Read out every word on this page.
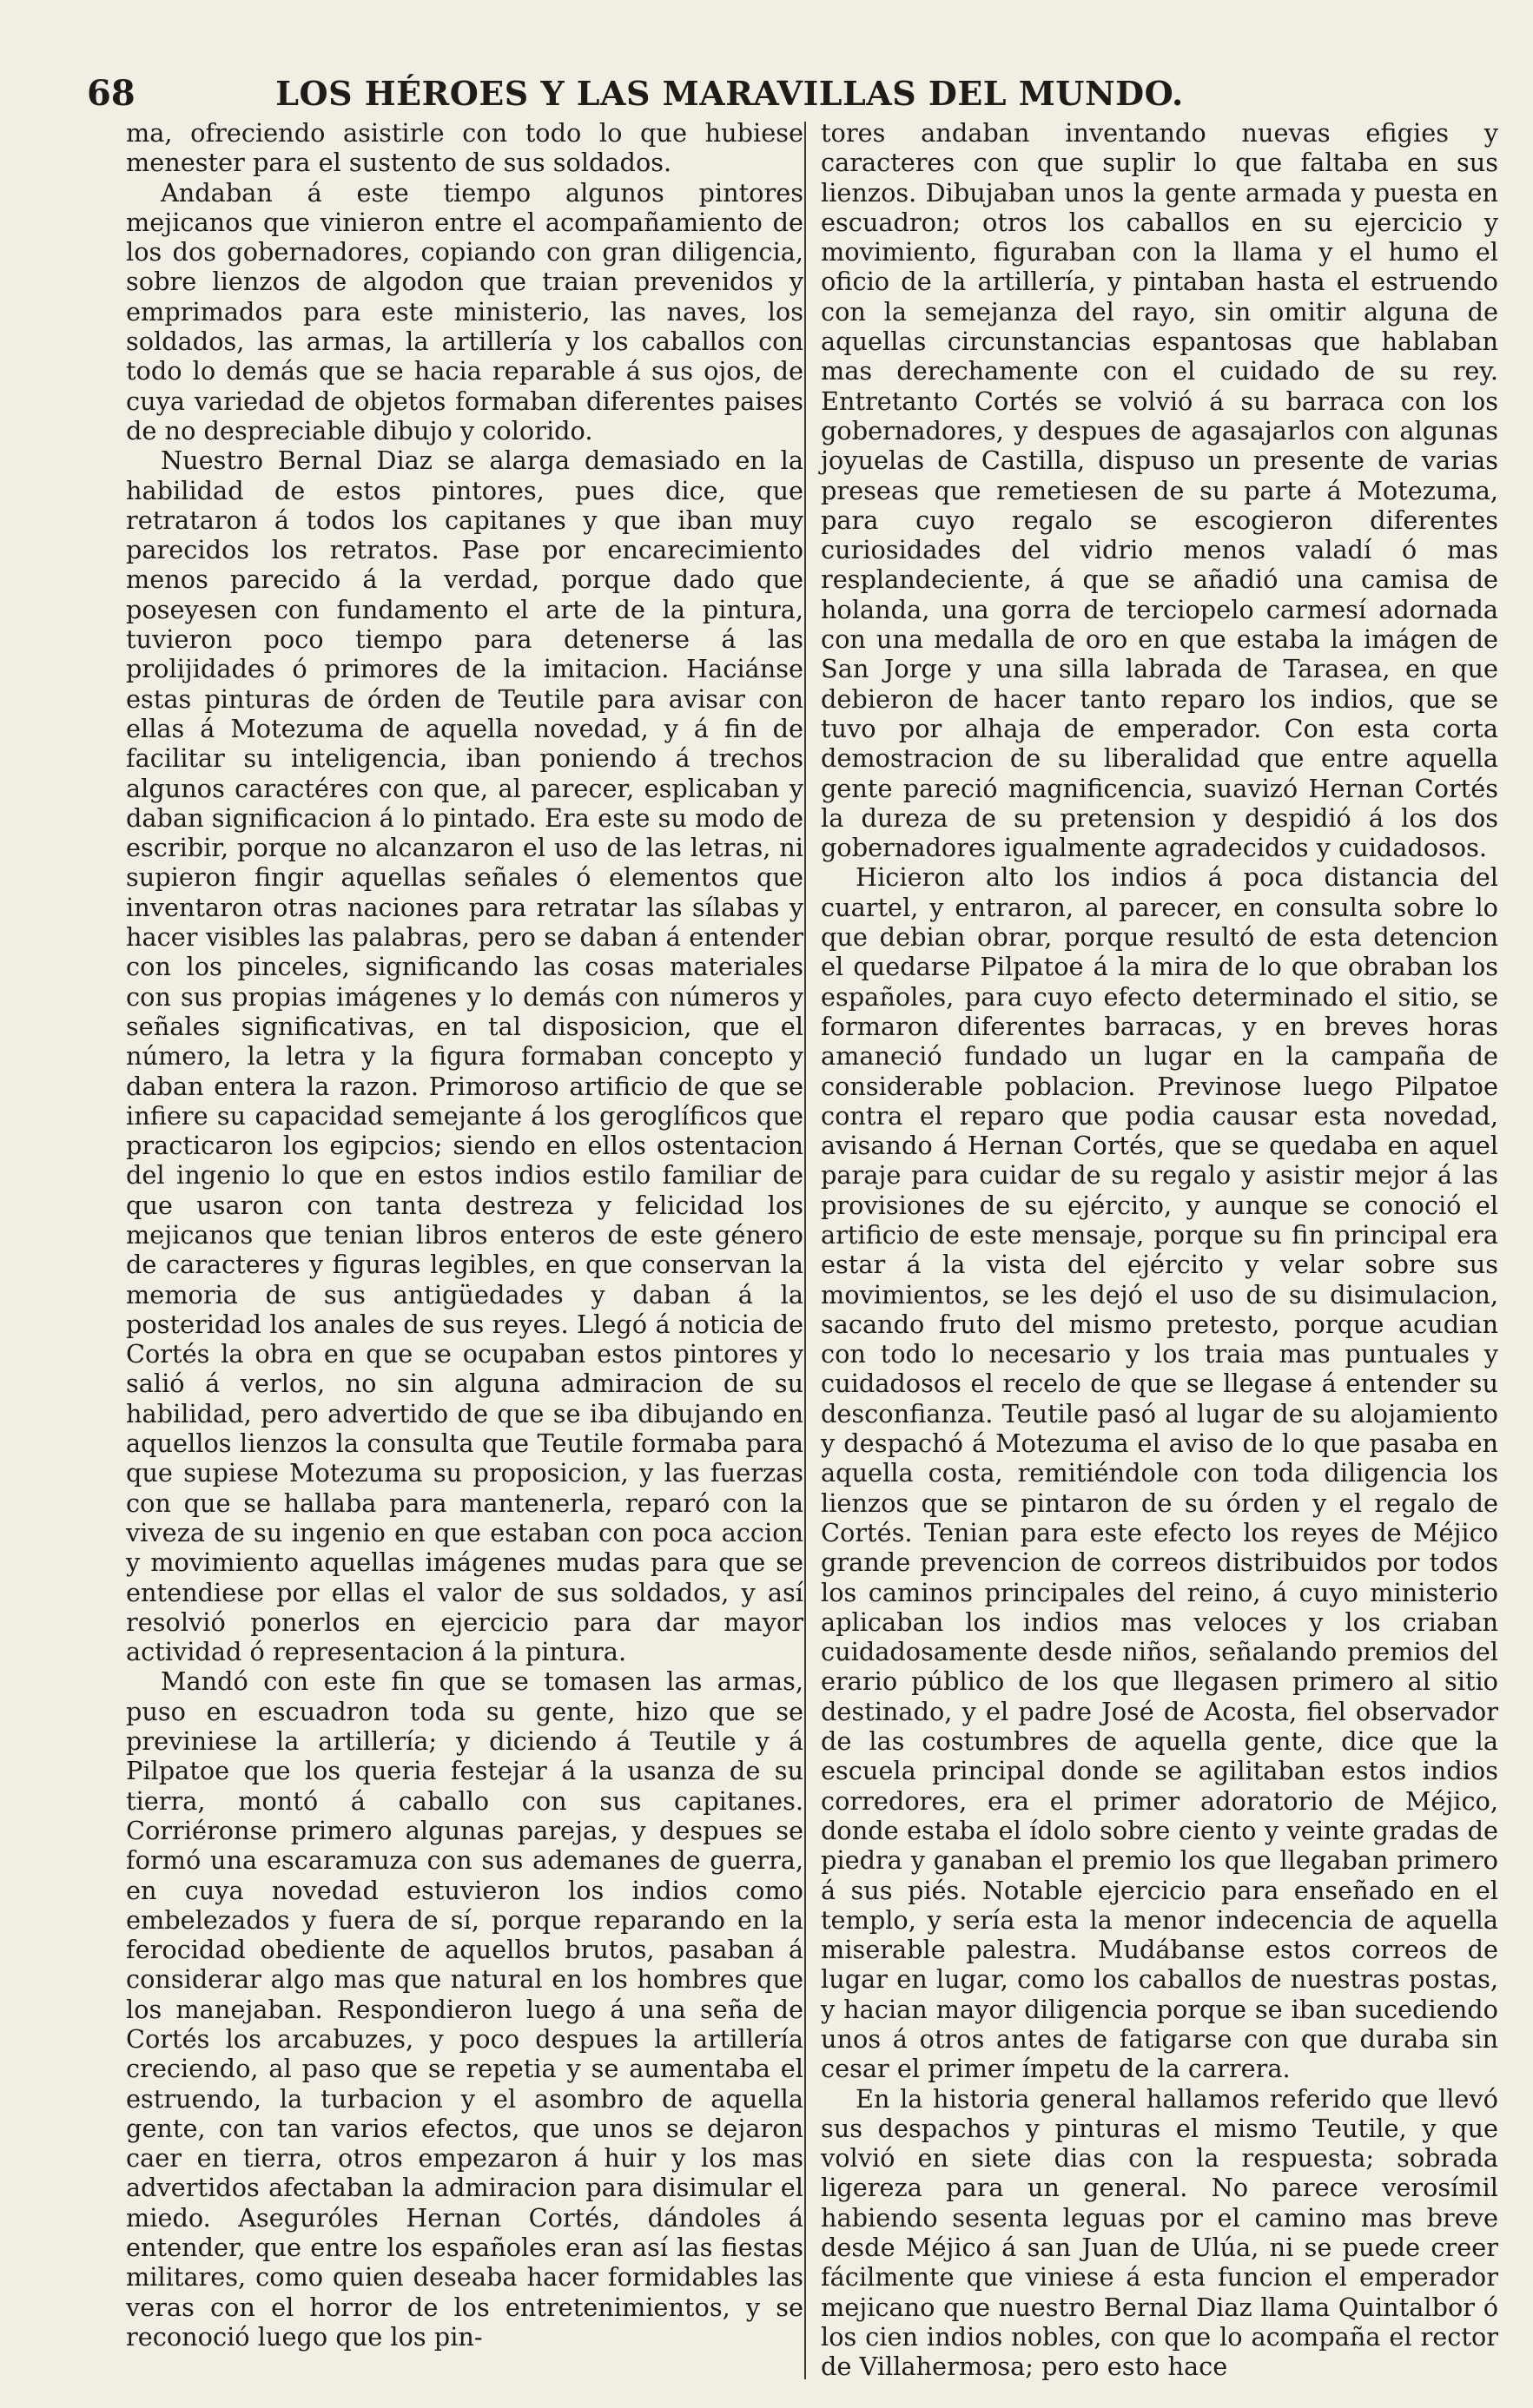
68	LOS HÉROES Y LAS MARAVILLAS DEL MUNDO.

ma, ofreciendo asistirle con todo lo que hubiese menester para el sustento de sus soldados.

Andaban á este tiempo algunos pintores mejicanos que vinieron entre el acompañamiento de los dos gobernadores, copiando con gran diligencia, sobre lienzos de algodon que traian prevenidos y emprimados para este ministerio, las naves, los soldados, las armas, la artillería y los caballos con todo lo demás que se hacia reparable á sus ojos, de cuya variedad de objetos formaban diferentes paises de no despreciable dibujo y colorido.

Nuestro Bernal Diaz se alarga demasiado en la habilidad de estos pintores, pues dice, que retrataron á todos los capitanes y que iban muy parecidos los retratos. Pase por encarecimiento menos parecido á la verdad, porque dado que poseyesen con fundamento el arte de la pintura, tuvieron poco tiempo para detenerse á las prolijidades ó primores de la imitacion. Haciánse estas pinturas de órden de Teutile para avisar con ellas á Motezuma de aquella novedad, y á fin de facilitar su inteligencia, iban poniendo á trechos algunos caractéres con que, al parecer, esplicaban y daban significacion á lo pintado. Era este su modo de escribir, porque no alcanzaron el uso de las letras, ni supieron fingir aquellas señales ó elementos que inventaron otras naciones para retratar las sílabas y hacer visibles las palabras, pero se daban á entender con los pinceles, significando las cosas materiales con sus propias imágenes y lo demás con números y señales significativas, en tal disposicion, que el número, la letra y la figura formaban concepto y daban entera la razon. Primoroso artificio de que se infiere su capacidad semejante á los geroglíficos que practicaron los egipcios; siendo en ellos ostentacion del ingenio lo que en estos indios estilo familiar de que usaron con tanta destreza y felicidad los mejicanos que tenian libros enteros de este género de caracteres y figuras legibles, en que conservan la memoria de sus antigüedades y daban á la posteridad los anales de sus reyes. Llegó á noticia de Cortés la obra en que se ocupaban estos pintores y salió á verlos, no sin alguna admiracion de su habilidad, pero advertido de que se iba dibujando en aquellos lienzos la consulta que Teutile formaba para que supiese Motezuma su proposicion, y las fuerzas con que se hallaba para mantenerla, reparó con la viveza de su ingenio en que estaban con poca accion y movimiento aquellas imágenes mudas para que se entendiese por ellas el valor de sus soldados, y así resolvió ponerlos en ejercicio para dar mayor actividad ó representacion á la pintura.

Mandó con este fin que se tomasen las armas, puso en escuadron toda su gente, hizo que se previniese la artillería; y diciendo á Teutile y á Pilpatoe que los queria festejar á la usanza de su tierra, montó á caballo con sus capitanes. Corriéronse primero algunas parejas, y despues se formó una escaramuza con sus ademanes de guerra, en cuya novedad estuvieron los indios como embelezados y fuera de sí, porque reparando en la ferocidad obediente de aquellos brutos, pasaban á considerar algo mas que natural en los hombres que los manejaban. Respondieron luego á una seña de Cortés los arcabuzes, y poco despues la artillería creciendo, al paso que se repetia y se aumentaba el estruendo, la turbacion y el asombro de aquella gente, con tan varios efectos, que unos se dejaron caer en tierra, otros empezaron á huir y los mas advertidos afectaban la admiracion para disimular el miedo. Aseguróles Hernan Cortés, dándoles á entender, que entre los españoles eran así las fiestas militares, como quien deseaba hacer formidables las veras con el horror de los entretenimientos, y se reconoció luego que los pin-

tores andaban inventando nuevas efigies y caracteres con que suplir lo que faltaba en sus lienzos. Dibujaban unos la gente armada y puesta en escuadron; otros los caballos en su ejercicio y movimiento, figuraban con la llama y el humo el oficio de la artillería, y pintaban hasta el estruendo con la semejanza del rayo, sin omitir alguna de aquellas circunstancias espantosas que hablaban mas derechamente con el cuidado de su rey. Entretanto Cortés se volvió á su barraca con los gobernadores, y despues de agasajarlos con algunas joyuelas de Castilla, dispuso un presente de varias preseas que remetiesen de su parte á Motezuma, para cuyo regalo se escogieron diferentes curiosidades del vidrio menos valadí ó mas resplandeciente, á que se añadió una camisa de holanda, una gorra de terciopelo carmesí adornada con una medalla de oro en que estaba la imágen de San Jorge y una silla labrada de Tarasea, en que debieron de hacer tanto reparo los indios, que se tuvo por alhaja de emperador. Con esta corta demostracion de su liberalidad que entre aquella gente pareció magnificencia, suavizó Hernan Cortés la dureza de su pretension y despidió á los dos gobernadores igualmente agradecidos y cuidadosos.

Hicieron alto los indios á poca distancia del cuartel, y entraron, al parecer, en consulta sobre lo que debian obrar, porque resultó de esta detencion el quedarse Pilpatoe á la mira de lo que obraban los españoles, para cuyo efecto determinado el sitio, se formaron diferentes barracas, y en breves horas amaneció fundado un lugar en la campaña de considerable poblacion. Previnose luego Pilpatoe contra el reparo que podia causar esta novedad, avisando á Hernan Cortés, que se quedaba en aquel paraje para cuidar de su regalo y asistir mejor á las provisiones de su ejército, y aunque se conoció el artificio de este mensaje, porque su fin principal era estar á la vista del ejército y velar sobre sus movimientos, se les dejó el uso de su disimulacion, sacando fruto del mismo pretesto, porque acudian con todo lo necesario y los traia mas puntuales y cuidadosos el recelo de que se llegase á entender su desconfianza. Teutile pasó al lugar de su alojamiento y despachó á Motezuma el aviso de lo que pasaba en aquella costa, remitiéndole con toda diligencia los lienzos que se pintaron de su órden y el regalo de Cortés. Tenian para este efecto los reyes de Méjico grande prevencion de correos distribuidos por todos los caminos principales del reino, á cuyo ministerio aplicaban los indios mas veloces y los criaban cuidadosamente desde niños, señalando premios del erario público de los que llegasen primero al sitio destinado, y el padre José de Acosta, fiel observador de las costumbres de aquella gente, dice que la escuela principal donde se agilitaban estos indios corredores, era el primer adoratorio de Méjico, donde estaba el ídolo sobre ciento y veinte gradas de piedra y ganaban el premio los que llegaban primero á sus piés. Notable ejercicio para enseñado en el templo, y sería esta la menor indecencia de aquella miserable palestra. Mudábanse estos correos de lugar en lugar, como los caballos de nuestras postas, y hacian mayor diligencia porque se iban sucediendo unos á otros antes de fatigarse con que duraba sin cesar el primer ímpetu de la carrera.

En la historia general hallamos referido que llevó sus despachos y pinturas el mismo Teutile, y que volvió en siete dias con la respuesta; sobrada ligereza para un general. No parece verosímil habiendo sesenta leguas por el camino mas breve desde Méjico á san Juan de Ulúa, ni se puede creer fácilmente que viniese á esta funcion el emperador mejicano que nuestro Bernal Diaz llama Quintalbor ó los cien indios nobles, con que lo acompaña el rector de Villahermosa; pero esto hace
